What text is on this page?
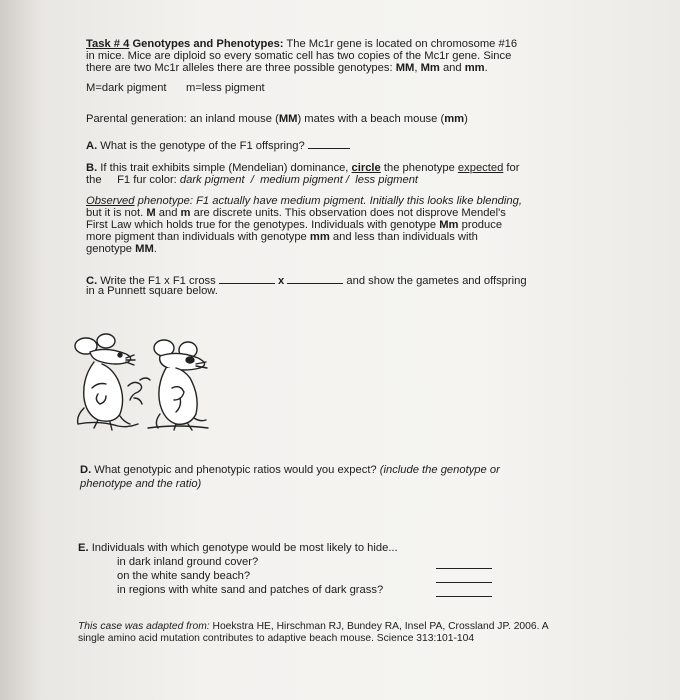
Task # 4 Genotypes and Phenotypes: The Mc1r gene is located on chromosome #16
in mice. Mice are diploid so every somatic cell has two copies of the Mc1r gene. Since
there are two Mc1r alleles there are three possible genotypes: MM, Mm and mm.
M=dark pigment m=less pigment
Parental generation: an inland mouse (MM) mates with a beach mouse (mm)
A. What is the genotype of the F1 offspring?
B. If this trait exhibits simple (Mendelian) dominance, circle the phenotype expected for
the     F1 fur color: dark pigment  /  medium pigment /  less pigment
Observed phenotype: F1 actually have medium pigment. Initially this looks like blending,
but it is not. M and m are discrete units. This observation does not disprove Mendel's
First Law which holds true for the genotypes. Individuals with genotype Mm produce
more pigment than individuals with genotype mm and less than individuals with
genotype MM.
C. Write the F1 x F1 cross	x	and show the gametes and offspring
in a Punnett square below.
D. What genotypic and phenotypic ratios would you expect? (include the genotype or
phenotype and the ratio)
E. Individuals with which genotype would be most likely to hide...
in dark inland ground cover?
on the white sandy beach?
in regions with white sand and patches of dark grass?
This case was adapted from: Hoekstra HE, Hirschman RJ, Bundey RA, Insel PA, Crossland JP. 2006. A
single amino acid mutation contributes to adaptive beach mouse. Science 313:101-104
